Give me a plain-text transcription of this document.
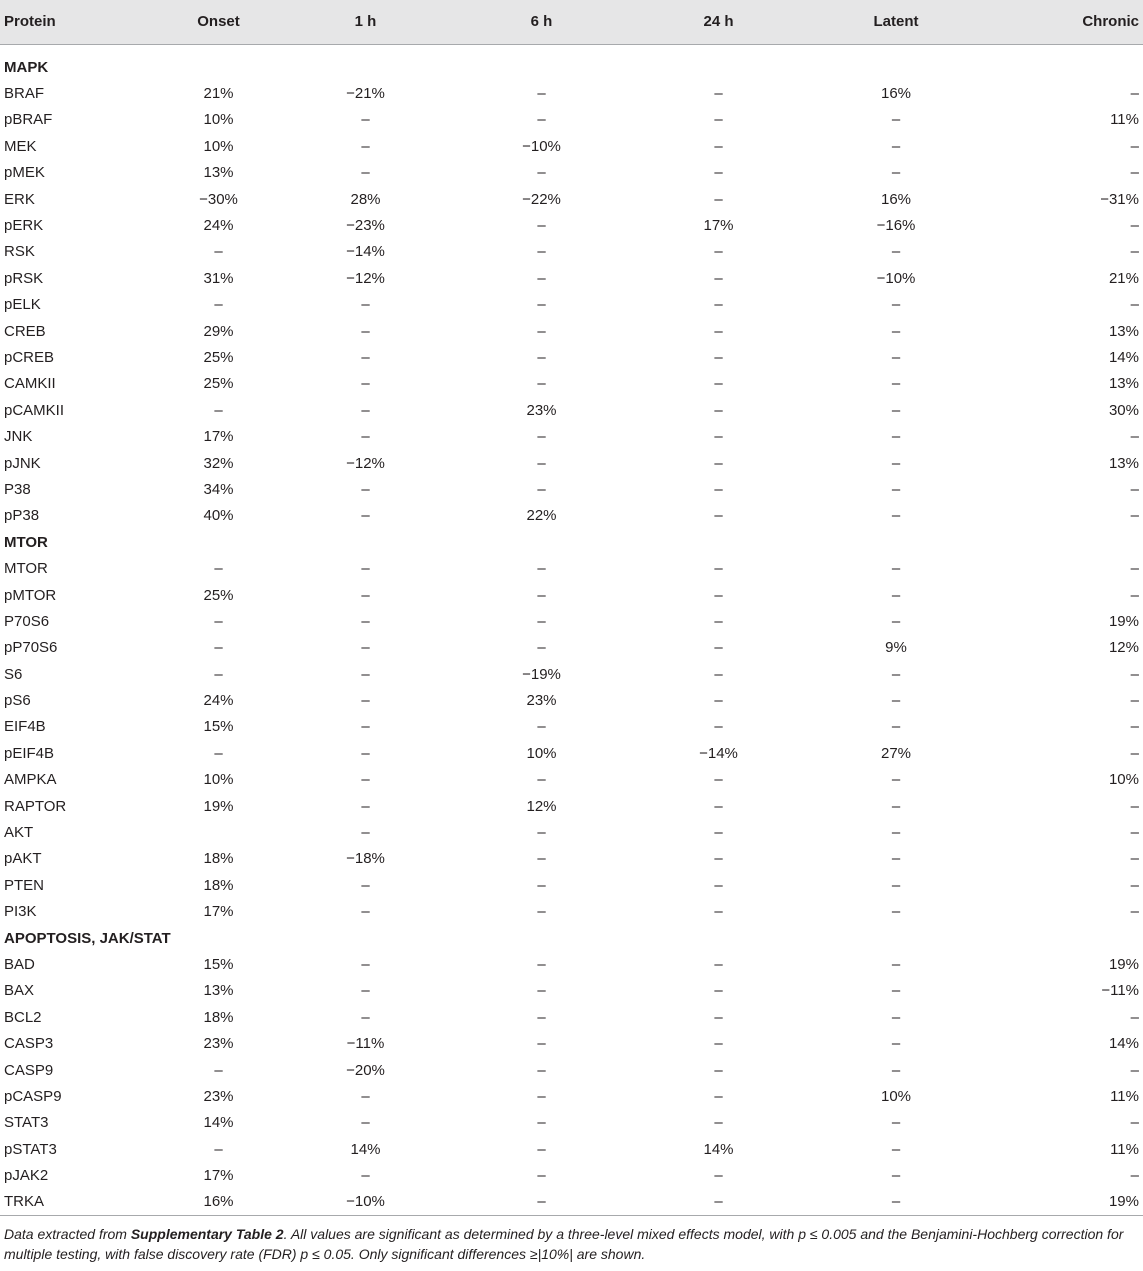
Protein	Onset	1 h	6 h	24 h	Latent	Chronic

MAPK						
BRAF	21%	−21%	–	–	16%	–
pBRAF	10%	–	–	–	–	11%
MEK	10%	–	−10%	–	–	–
pMEK	13%	–	–	–	–	–
ERK	−30%	28%	−22%	–	16%	−31%
pERK	24%	−23%	–	17%	−16%	–
RSK	–	−14%	–	–	–	–
pRSK	31%	−12%	–	–	−10%	21%
pELK	–	–	–	–	–	–
CREB	29%	–	–	–	–	13%
pCREB	25%	–	–	–	–	14%
CAMKII	25%	–	–	–	–	13%
pCAMKII	–	–	23%	–	–	30%
JNK	17%	–	–	–	–	–
pJNK	32%	−12%	–	–	–	13%
P38	34%	–	–	–	–	–
pP38	40%	–	22%	–	–	–
MTOR						
MTOR	–	–	–	–	–	–
pMTOR	25%	–	–	–	–	–
P70S6	–	–	–	–	–	19%
pP70S6	–	–	–	–	9%	12%
S6	–	–	−19%	–	–	–
pS6	24%	–	23%	–	–	–
EIF4B	15%	–	–	–	–	–
pEIF4B	–	–	10%	−14%	27%	–
AMPKA	10%	–	–	–	–	10%
RAPTOR	19%	–	12%	–	–	–
AKT		–	–	–	–	–
pAKT	18%	−18%	–	–	–	–
PTEN	18%	–	–	–	–	–
PI3K	17%	–	–	–	–	–
APOPTOSIS, JAK/STAT						
BAD	15%	–	–	–	–	19%
BAX	13%	–	–	–	–	−11%
BCL2	18%	–	–	–	–	–
CASP3	23%	−11%	–	–	–	14%
CASP9	–	−20%	–	–	–	–
pCASP9	23%	–	–	–	10%	11%
STAT3	14%	–	–	–	–	–
pSTAT3	–	14%	–	14%	–	11%
pJAK2	17%	–	–	–	–	–
TRKA	16%	−10%	–	–	–	19%
Data extracted from Supplementary Table 2. All values are significant as determined by a three-level mixed effects model, with p ≤ 0.005 and the Benjamini-Hochberg correction for multiple testing, with false discovery rate (FDR) p ≤ 0.05. Only significant differences ≥|10%| are shown.
